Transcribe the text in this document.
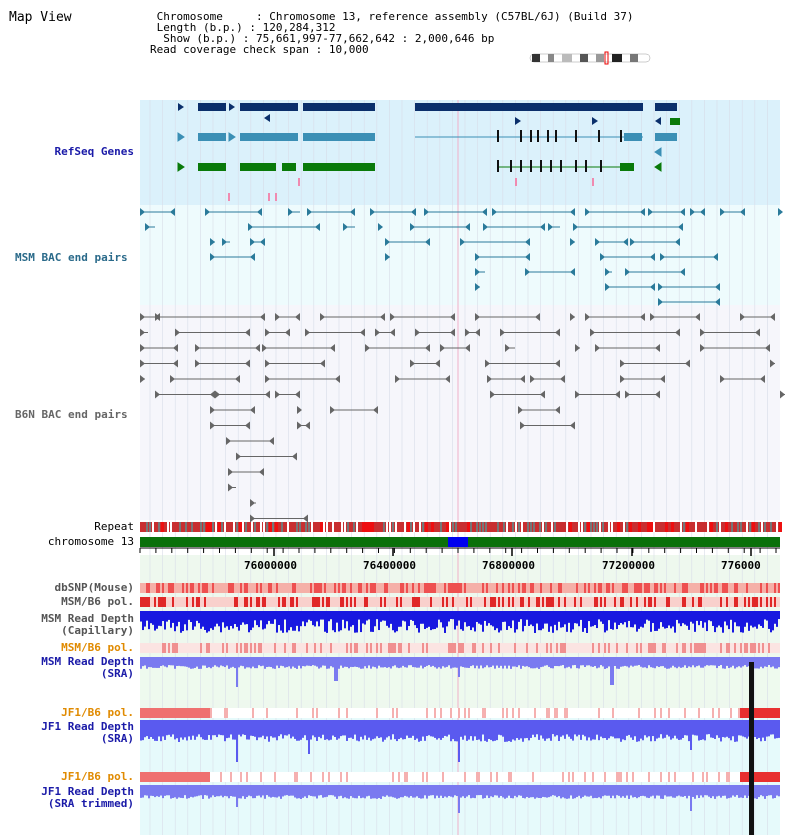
76000000	76400000	76800000	77200000	776000
Map View	Chromosome     : Chromosome 13, reference assembly (C57BL/6J) (Build 37)
Length (b.p.) : 120,284,312
Show (b.p.) : 75,661,997-77,662,642 : 2,000,646 bp
Read coverage check span : 10,000
RefSeq Genes
MSM BAC end pairs
B6N BAC end pairs
Repeat
chromosome 13
dbSNP(Mouse)
MSM/B6 pol.
MSM Read Depth
(Capillary)
MSM/B6 pol.
MSM Read Depth
(SRA)
JF1/B6 pol.
JF1 Read Depth
(SRA)
JF1/B6 pol.
JF1 Read Depth
(SRA trimmed)
